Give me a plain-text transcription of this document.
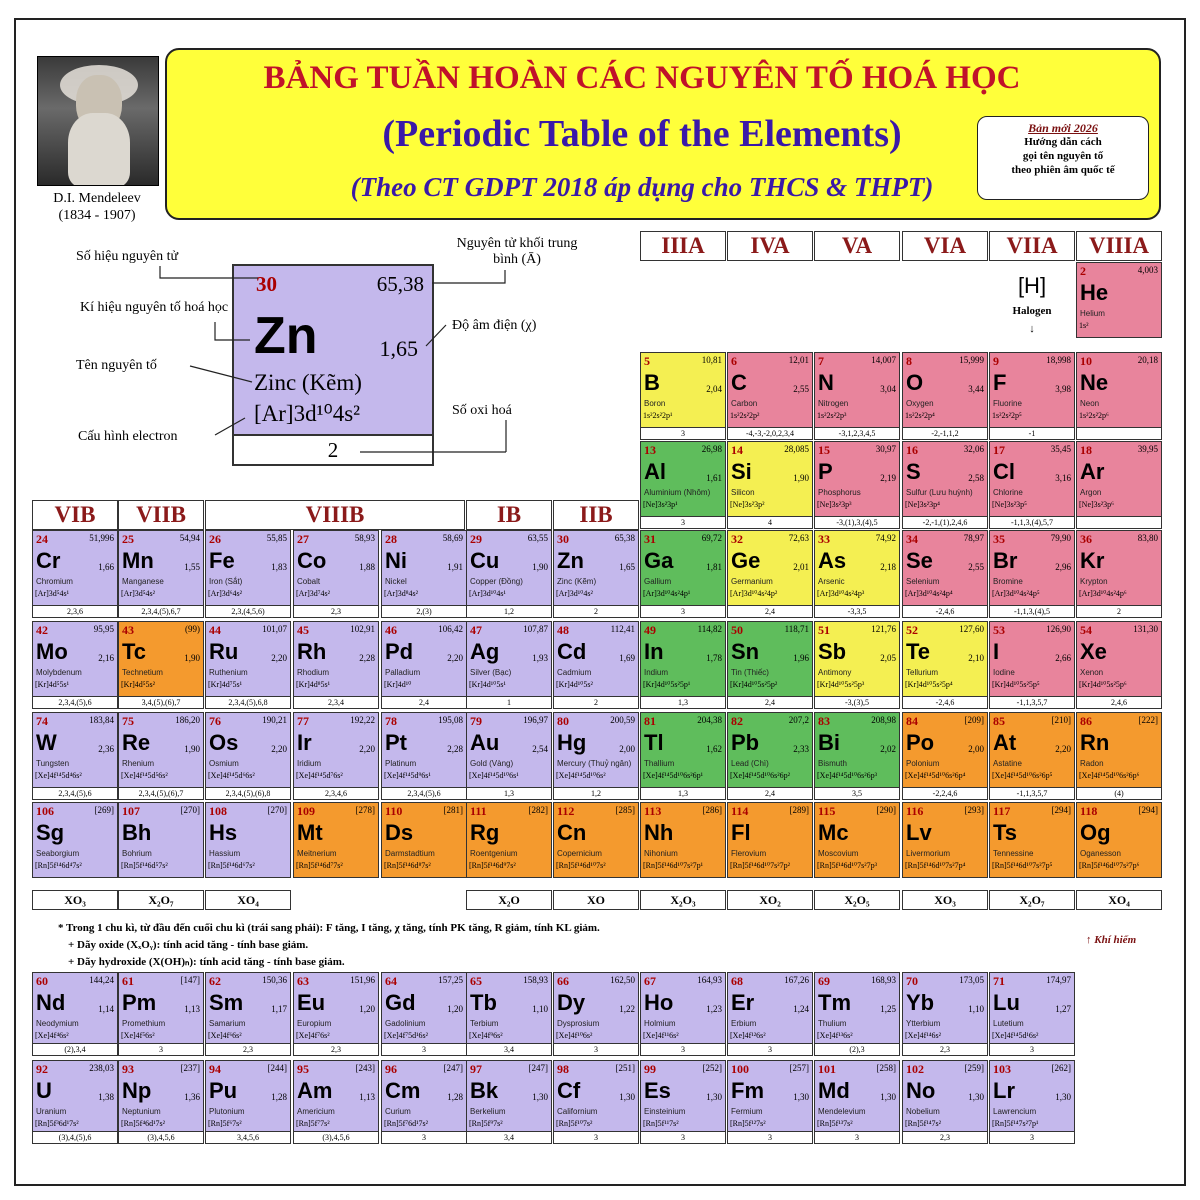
D.I. Mendeleev
(1834 - 1907)
BẢNG TUẦN HOÀN CÁC NGUYÊN TỐ HOÁ HỌC
(Periodic Table of the Elements)
(Theo CT GDPT 2018 áp dụng cho THCS & THPT)
Bản mới 2026
Hướng dẫn cách
gọi tên nguyên tố
theo phiên âm quốc tế
30	65,38
Zn	1,65
Zinc (Kẽm)
[Ar]3d¹⁰4s²
2
Số hiệu nguyên tử
Kí hiệu nguyên tố hoá học
Tên nguyên tố
Cấu hình electron
Nguyên tử khối trung bình (Ā)
Độ âm điện (χ)
Số oxi hoá
[H]
Halogen
↓
IIIA	IVA	VA	VIA	VIIA	VIIIA
VIB	VIIB	VIIIB	IB	IIB
2	4,003
He
Helium
1s²
5	10,81
B	2,04
Boron
1s²2s²2p¹
3
6	12,01
C	2,55
Carbon
1s²2s²2p²
-4,-3,-2,0,2,3,4
7	14,007
N	3,04
Nitrogen
1s²2s²2p³
-3,1,2,3,4,5
8	15,999
O	3,44
Oxygen
1s²2s²2p⁴
-2,-1,1,2
9	18,998
F	3,98
Fluorine
1s²2s²2p⁵
-1
10	20,18
Ne
Neon
1s²2s²2p⁶
13	26,98
Al	1,61
Aluminium (Nhôm)
[Ne]3s²3p¹
3
14	28,085
Si	1,90
Silicon
[Ne]3s²3p²
4
15	30,97
P	2,19
Phosphorus
[Ne]3s²3p³
-3,(1),3,(4),5
16	32,06
S	2,58
Sulfur (Lưu huỳnh)
[Ne]3s²3p⁴
-2,-1,(1),2,4,6
17	35,45
Cl	3,16
Chlorine
[Ne]3s²3p⁵
-1,1,3,(4),5,7
18	39,95
Ar
Argon
[Ne]3s²3p⁶
24	51,996
Cr	1,66
Chromium
[Ar]3d⁵4s¹
2,3,6
25	54,94
Mn	1,55
Manganese
[Ar]3d⁵4s²
2,3,4,(5),6,7
26	55,85
Fe	1,83
Iron (Sắt)
[Ar]3d⁶4s²
2,3,(4,5,6)
27	58,93
Co	1,88
Cobalt
[Ar]3d⁷4s²
2,3
28	58,69
Ni	1,91
Nickel
[Ar]3d⁸4s²
2,(3)
29	63,55
Cu	1,90
Copper (Đồng)
[Ar]3d¹⁰4s¹
1,2
30	65,38
Zn	1,65
Zinc (Kẽm)
[Ar]3d¹⁰4s²
2
31	69,72
Ga	1,81
Gallium
[Ar]3d¹⁰4s²4p¹
3
32	72,63
Ge	2,01
Germanium
[Ar]3d¹⁰4s²4p²
2,4
33	74,92
As	2,18
Arsenic
[Ar]3d¹⁰4s²4p³
-3,3,5
34	78,97
Se	2,55
Selenium
[Ar]3d¹⁰4s²4p⁴
-2,4,6
35	79,90
Br	2,96
Bromine
[Ar]3d¹⁰4s²4p⁵
-1,1,3,(4),5
36	83,80
Kr
Krypton
[Ar]3d¹⁰4s²4p⁶
2
42	95,95
Mo	2,16
Molybdenum
[Kr]4d⁵5s¹
2,3,4,(5),6
43	(99)
Tc	1,90
Technetium
[Kr]4d⁵5s²
3,4,(5),(6),7
44	101,07
Ru	2,20
Ruthenium
[Kr]4d⁷5s¹
2,3,4,(5),6,8
45	102,91
Rh	2,28
Rhodium
[Kr]4d⁸5s¹
2,3,4
46	106,42
Pd	2,20
Palladium
[Kr]4d¹⁰
2,4
47	107,87
Ag	1,93
Silver (Bạc)
[Kr]4d¹⁰5s¹
1
48	112,41
Cd	1,69
Cadmium
[Kr]4d¹⁰5s²
2
49	114,82
In	1,78
Indium
[Kr]4d¹⁰5s²5p¹
1,3
50	118,71
Sn	1,96
Tin (Thiếc)
[Kr]4d¹⁰5s²5p²
2,4
51	121,76
Sb	2,05
Antimony
[Kr]4d¹⁰5s²5p³
-3,(3),5
52	127,60
Te	2,10
Tellurium
[Kr]4d¹⁰5s²5p⁴
-2,4,6
53	126,90
I	2,66
Iodine
[Kr]4d¹⁰5s²5p⁵
-1,1,3,5,7
54	131,30
Xe
Xenon
[Kr]4d¹⁰5s²5p⁶
2,4,6
74	183,84
W	2,36
Tungsten
[Xe]4f¹⁴5d⁴6s²
2,3,4,(5),6
75	186,20
Re	1,90
Rhenium
[Xe]4f¹⁴5d⁵6s²
2,3,4,(5),(6),7
76	190,21
Os	2,20
Osmium
[Xe]4f¹⁴5d⁶6s²
2,3,4,(5),(6),8
77	192,22
Ir	2,20
Iridium
[Xe]4f¹⁴5d⁷6s²
2,3,4,6
78	195,08
Pt	2,28
Platinum
[Xe]4f¹⁴5d⁹6s¹
2,3,4,(5),6
79	196,97
Au	2,54
Gold (Vàng)
[Xe]4f¹⁴5d¹⁰6s¹
1,3
80	200,59
Hg	2,00
Mercury (Thuỷ ngân)
[Xe]4f¹⁴5d¹⁰6s²
1,2
81	204,38
Tl	1,62
Thallium
[Xe]4f¹⁴5d¹⁰6s²6p¹
1,3
82	207,2
Pb	2,33
Lead (Chì)
[Xe]4f¹⁴5d¹⁰6s²6p²
2,4
83	208,98
Bi	2,02
Bismuth
[Xe]4f¹⁴5d¹⁰6s²6p³
3,5
84	[209]
Po	2,00
Polonium
[Xe]4f¹⁴5d¹⁰6s²6p⁴
-2,2,4,6
85	[210]
At	2,20
Astatine
[Xe]4f¹⁴5d¹⁰6s²6p⁵
-1,1,3,5,7
86	[222]
Rn
Radon
[Xe]4f¹⁴5d¹⁰6s²6p⁶
(4)
106	[269]
Sg
Seaborgium
[Rn]5f¹⁴6d⁴7s²
107	[270]
Bh
Bohrium
[Rn]5f¹⁴6d⁵7s²
108	[270]
Hs
Hassium
[Rn]5f¹⁴6d⁶7s²
109	[278]
Mt
Meitnerium
[Rn]5f¹⁴6d⁷7s²
110	[281]
Ds
Darmstadtium
[Rn]5f¹⁴6d⁸7s²
111	[282]
Rg
Roentgenium
[Rn]5f¹⁴6d⁹7s²
112	[285]
Cn
Copernicium
[Rn]5f¹⁴6d¹⁰7s²
113	[286]
Nh
Nihonium
[Rn]5f¹⁴6d¹⁰7s²7p¹
114	[289]
Fl
Flerovium
[Rn]5f¹⁴6d¹⁰7s²7p²
115	[290]
Mc
Moscovium
[Rn]5f¹⁴6d¹⁰7s²7p³
116	[293]
Lv
Livermorium
[Rn]5f¹⁴6d¹⁰7s²7p⁴
117	[294]
Ts
Tennessine
[Rn]5f¹⁴6d¹⁰7s²7p⁵
118	[294]
Og
Oganesson
[Rn]5f¹⁴6d¹⁰7s²7p⁶
60	144,24
Nd	1,14
Neodymium
[Xe]4f⁴6s²
(2),3,4
61	[147]
Pm	1,13
Promethium
[Xe]4f⁵6s²
3
62	150,36
Sm	1,17
Samarium
[Xe]4f⁶6s²
2,3
63	151,96
Eu	1,20
Europium
[Xe]4f⁷6s²
2,3
64	157,25
Gd	1,20
Gadolinium
[Xe]4f⁷5d¹6s²
3
65	158,93
Tb	1,10
Terbium
[Xe]4f⁹6s²
3,4
66	162,50
Dy	1,22
Dysprosium
[Xe]4f¹⁰6s²
3
67	164,93
Ho	1,23
Holmium
[Xe]4f¹¹6s²
3
68	167,26
Er	1,24
Erbium
[Xe]4f¹²6s²
3
69	168,93
Tm	1,25
Thulium
[Xe]4f¹³6s²
(2),3
70	173,05
Yb	1,10
Ytterbium
[Xe]4f¹⁴6s²
2,3
71	174,97
Lu	1,27
Lutetium
[Xe]4f¹⁴5d¹6s²
3
92	238,03
U	1,38
Uranium
[Rn]5f³6d¹7s²
(3),4,(5),6
93	[237]
Np	1,36
Neptunium
[Rn]5f⁴6d¹7s²
(3),4,5,6
94	[244]
Pu	1,28
Plutonium
[Rn]5f⁶7s²
3,4,5,6
95	[243]
Am	1,13
Americium
[Rn]5f⁷7s²
(3),4,5,6
96	[247]
Cm	1,28
Curium
[Rn]5f⁷6d¹7s²
3
97	[247]
Bk	1,30
Berkelium
[Rn]5f⁹7s²
3,4
98	[251]
Cf	1,30
Californium
[Rn]5f¹⁰7s²
3
99	[252]
Es	1,30
Einsteinium
[Rn]5f¹¹7s²
3
100	[257]
Fm	1,30
Fermium
[Rn]5f¹²7s²
3
101	[258]
Md	1,30
Mendelevium
[Rn]5f¹³7s²
3
102	[259]
No	1,30
Nobelium
[Rn]5f¹⁴7s²
2,3
103	[262]
Lr	1,30
Lawrencium
[Rn]5f¹⁴7s²7p¹
3
XO₃	X₂O₇	XO₄	X₂O	XO	X₂O₃	XO₂	X₂O₅	XO₃	X₂O₇	XO₄
* Trong 1 chu kì, từ đầu đến cuối chu kì (trái sang phải): F tăng, I tăng, χ tăng, tính PK tăng, R giảm, tính KL giảm.
+ Dãy oxide (XₓOᵧ): tính acid tăng - tính base giảm.
+ Dãy hydroxide (X(OH)ₙ): tính acid tăng - tính base giảm.
↑ Khí hiếm
